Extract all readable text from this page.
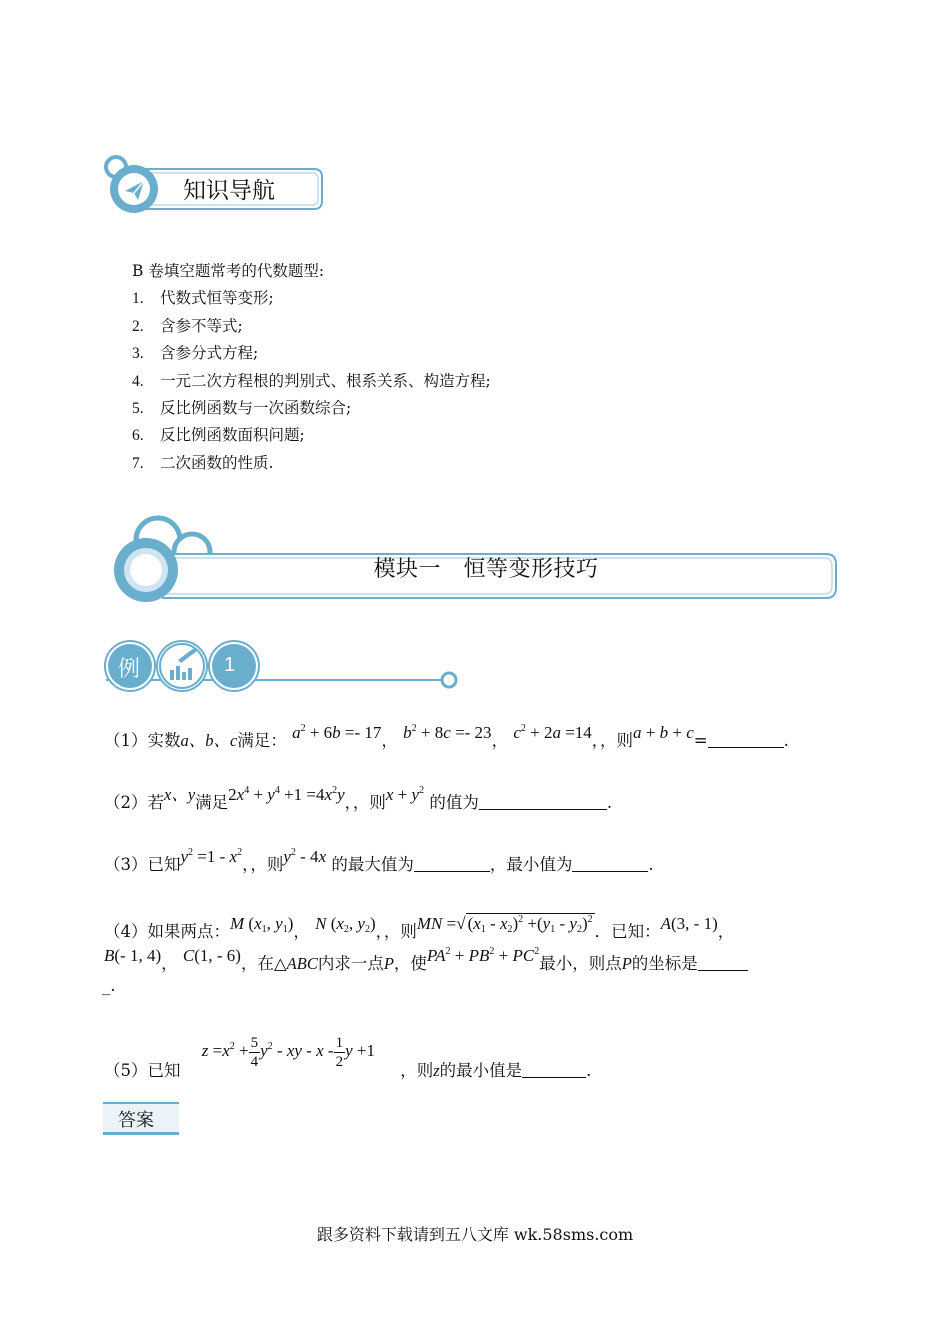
知识导航
B 卷填空题常考的代数题型:
1. 代数式恒等变形;
2. 含参不等式;
3. 含参分式方程;
4. 一元二次方程根的判别式、根系关系、构造方程;
5. 反比例函数与一次函数综合;
6. 反比例函数面积问题;
7. 二次函数的性质.
模块一　恒等变形技巧
例	1
（1）实数a、b、c满足： $a^2 + 6b =- 17$， $b^2 + 8c =- 23$， $c^2 + 2a =14$，，则a + b + c=	.
（2）若x、y满足$2x^4 + y^4 +1 =4x^2y$，，则$x + y^2$ 的值为	.
（3）已知$y^2 =1 - x^2$，，则$y^2 - 4x$ 的最大值为	，最小值为	.
（4）如果两点：M ($x_1$, $y_1$)， N ($x_2$, $y_2$)，，则MN =√ $(x_1 - x_2)^2 +(y_1 - y_2)^2$．已知：A(3, - 1)，
B(- 1, 4)， C(1, - 6)，在△ABC内求一点P，使$PA^2 + PB^2 + PC^2$最小，则点P的坐标是
_.
（5）已知 $z =x^2 + \frac{5}{4} y^2$ - xy - x - $\frac{1}{2}$ y +1 ，则z的最小值是	.
答案
跟多资料下载请到五八文库 wk.58sms.com
